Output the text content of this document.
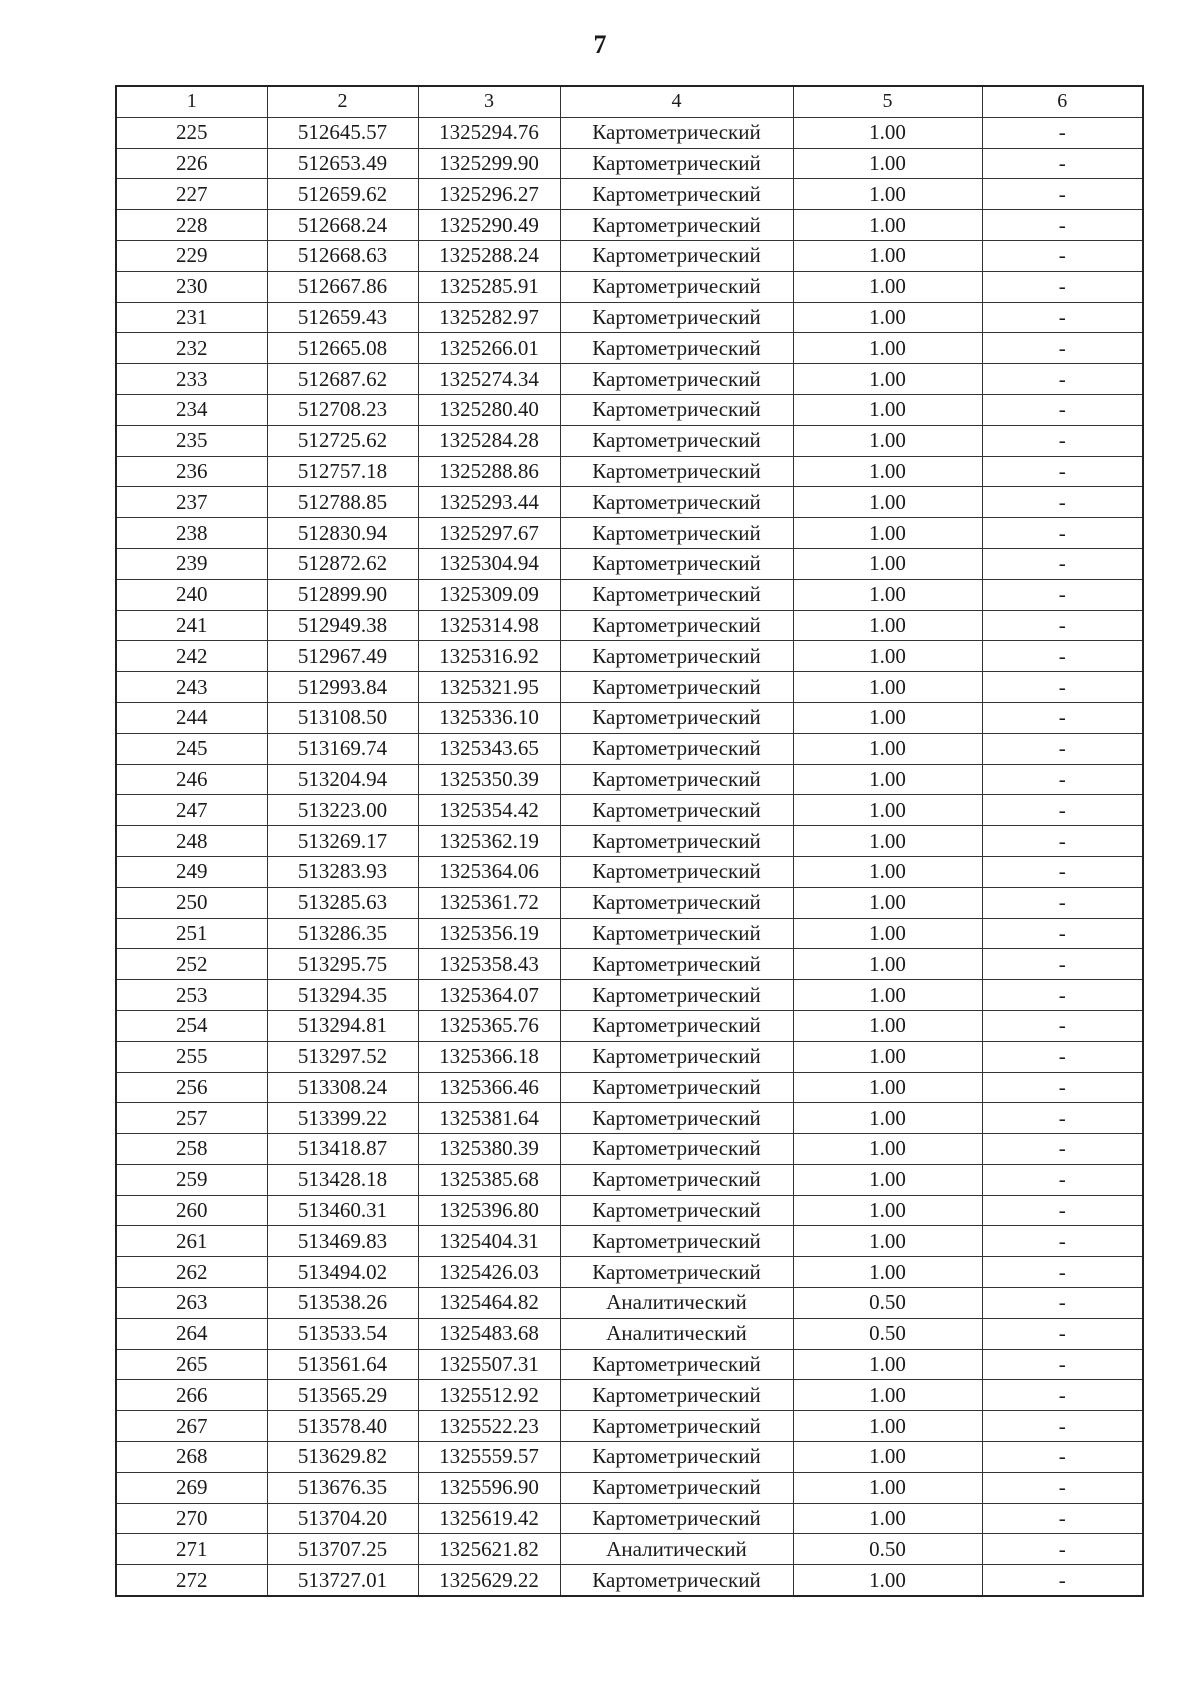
7
1	2	3	4	5	6
225	512645.57	1325294.76	Картометрический	1.00	-
226	512653.49	1325299.90	Картометрический	1.00	-
227	512659.62	1325296.27	Картометрический	1.00	-
228	512668.24	1325290.49	Картометрический	1.00	-
229	512668.63	1325288.24	Картометрический	1.00	-
230	512667.86	1325285.91	Картометрический	1.00	-
231	512659.43	1325282.97	Картометрический	1.00	-
232	512665.08	1325266.01	Картометрический	1.00	-
233	512687.62	1325274.34	Картометрический	1.00	-
234	512708.23	1325280.40	Картометрический	1.00	-
235	512725.62	1325284.28	Картометрический	1.00	-
236	512757.18	1325288.86	Картометрический	1.00	-
237	512788.85	1325293.44	Картометрический	1.00	-
238	512830.94	1325297.67	Картометрический	1.00	-
239	512872.62	1325304.94	Картометрический	1.00	-
240	512899.90	1325309.09	Картометрический	1.00	-
241	512949.38	1325314.98	Картометрический	1.00	-
242	512967.49	1325316.92	Картометрический	1.00	-
243	512993.84	1325321.95	Картометрический	1.00	-
244	513108.50	1325336.10	Картометрический	1.00	-
245	513169.74	1325343.65	Картометрический	1.00	-
246	513204.94	1325350.39	Картометрический	1.00	-
247	513223.00	1325354.42	Картометрический	1.00	-
248	513269.17	1325362.19	Картометрический	1.00	-
249	513283.93	1325364.06	Картометрический	1.00	-
250	513285.63	1325361.72	Картометрический	1.00	-
251	513286.35	1325356.19	Картометрический	1.00	-
252	513295.75	1325358.43	Картометрический	1.00	-
253	513294.35	1325364.07	Картометрический	1.00	-
254	513294.81	1325365.76	Картометрический	1.00	-
255	513297.52	1325366.18	Картометрический	1.00	-
256	513308.24	1325366.46	Картометрический	1.00	-
257	513399.22	1325381.64	Картометрический	1.00	-
258	513418.87	1325380.39	Картометрический	1.00	-
259	513428.18	1325385.68	Картометрический	1.00	-
260	513460.31	1325396.80	Картометрический	1.00	-
261	513469.83	1325404.31	Картометрический	1.00	-
262	513494.02	1325426.03	Картометрический	1.00	-
263	513538.26	1325464.82	Аналитический	0.50	-
264	513533.54	1325483.68	Аналитический	0.50	-
265	513561.64	1325507.31	Картометрический	1.00	-
266	513565.29	1325512.92	Картометрический	1.00	-
267	513578.40	1325522.23	Картометрический	1.00	-
268	513629.82	1325559.57	Картометрический	1.00	-
269	513676.35	1325596.90	Картометрический	1.00	-
270	513704.20	1325619.42	Картометрический	1.00	-
271	513707.25	1325621.82	Аналитический	0.50	-
272	513727.01	1325629.22	Картометрический	1.00	-
